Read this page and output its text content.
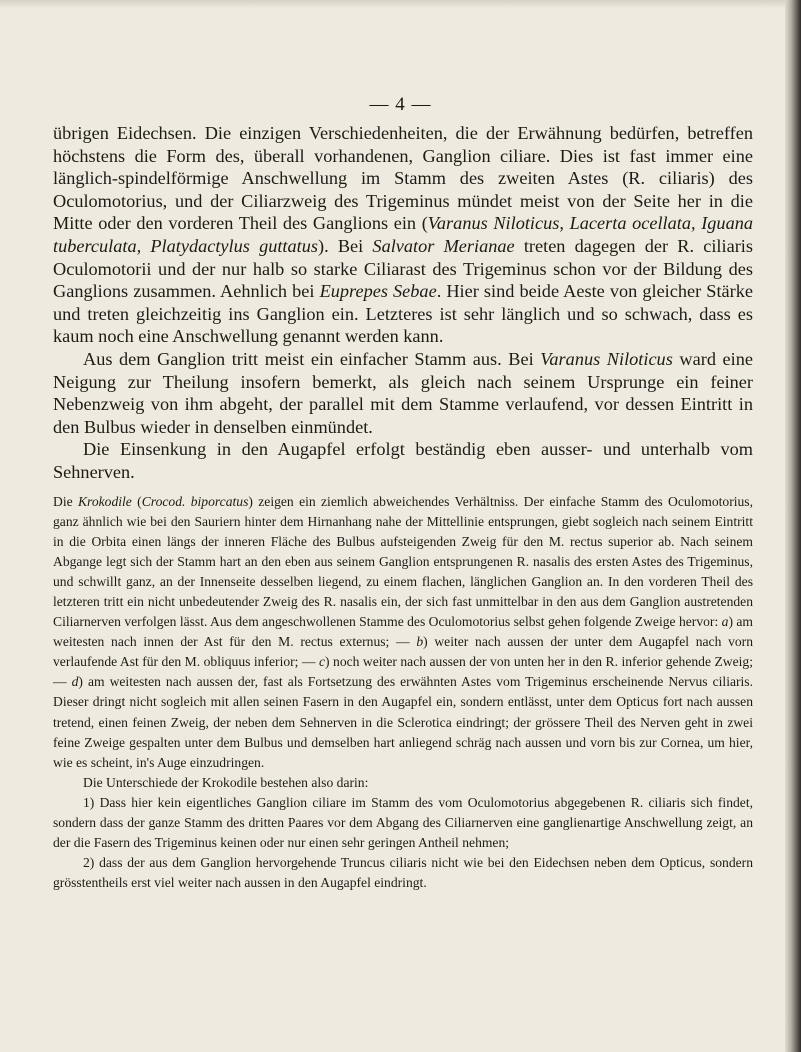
— 4 —

übrigen Eidechsen. Die einzigen Verschiedenheiten, die der Erwähnung bedürfen, betreffen höchstens die Form des, überall vorhandenen, Ganglion ciliare. Dies ist fast immer eine länglich-spindelförmige Anschwellung im Stamm des zweiten Astes (R. ciliaris) des Oculomotorius, und der Ciliarzweig des Trigeminus mündet meist von der Seite her in die Mitte oder den vorderen Theil des Ganglions ein (Varanus Niloticus, Lacerta ocellata, Iguana tuberculata, Platydactylus guttatus). Bei Salvator Merianae treten dagegen der R. ciliaris Oculomotorii und der nur halb so starke Ciliarast des Trigeminus schon vor der Bildung des Ganglions zusammen. Aehnlich bei Euprepes Sebae. Hier sind beide Aeste von gleicher Stärke und treten gleichzeitig ins Ganglion ein. Letzteres ist sehr länglich und so schwach, dass es kaum noch eine Anschwellung genannt werden kann.

Aus dem Ganglion tritt meist ein einfacher Stamm aus. Bei Varanus Niloticus ward eine Neigung zur Theilung insofern bemerkt, als gleich nach seinem Ursprunge ein feiner Nebenzweig von ihm abgeht, der parallel mit dem Stamme verlaufend, vor dessen Eintritt in den Bulbus wieder in denselben einmündet.

Die Einsenkung in den Augapfel erfolgt beständig eben ausser- und unterhalb vom Sehnerven.

Die Krokodile (Crocod. biporcatus) zeigen ein ziemlich abweichendes Verhältniss. Der einfache Stamm des Oculomotorius, ganz ähnlich wie bei den Sauriern hinter dem Hirnanhang nahe der Mittellinie entsprungen, giebt sogleich nach seinem Eintritt in die Orbita einen längs der inneren Fläche des Bulbus aufsteigenden Zweig für den M. rectus superior ab. Nach seinem Abgange legt sich der Stamm hart an den eben aus seinem Ganglion entsprungenen R. nasalis des ersten Astes des Trigeminus, und schwillt ganz, an der Innenseite desselben liegend, zu einem flachen, länglichen Ganglion an. In den vorderen Theil des letzteren tritt ein nicht unbedeutender Zweig des R. nasalis ein, der sich fast unmittelbar in den aus dem Ganglion austretenden Ciliarnerven verfolgen lässt. Aus dem angeschwollenen Stamme des Oculomotorius selbst gehen folgende Zweige hervor: a) am weitesten nach innen der Ast für den M. rectus externus; — b) weiter nach aussen der unter dem Augapfel nach vorn verlaufende Ast für den M. obliquus inferior; — c) noch weiter nach aussen der von unten her in den R. inferior gehende Zweig; — d) am weitesten nach aussen der, fast als Fortsetzung des erwähnten Astes vom Trigeminus erscheinende Nervus ciliaris. Dieser dringt nicht sogleich mit allen seinen Fasern in den Augapfel ein, sondern entlässt, unter dem Opticus fort nach aussen tretend, einen feinen Zweig, der neben dem Sehnerven in die Sclerotica eindringt; der grössere Theil des Nerven geht in zwei feine Zweige gespalten unter dem Bulbus und demselben hart anliegend schräg nach aussen und vorn bis zur Cornea, um hier, wie es scheint, in's Auge einzudringen.

Die Unterschiede der Krokodile bestehen also darin:

1) Dass hier kein eigentliches Ganglion ciliare im Stamm des vom Oculomotorius abgegebenen R. ciliaris sich findet, sondern dass der ganze Stamm des dritten Paares vor dem Abgang des Ciliarnerven eine ganglienartige Anschwellung zeigt, an der die Fasern des Trigeminus keinen oder nur einen sehr geringen Antheil nehmen;

2) dass der aus dem Ganglion hervorgehende Truncus ciliaris nicht wie bei den Eidechsen neben dem Opticus, sondern grösstentheils erst viel weiter nach aussen in den Augapfel eindringt.
